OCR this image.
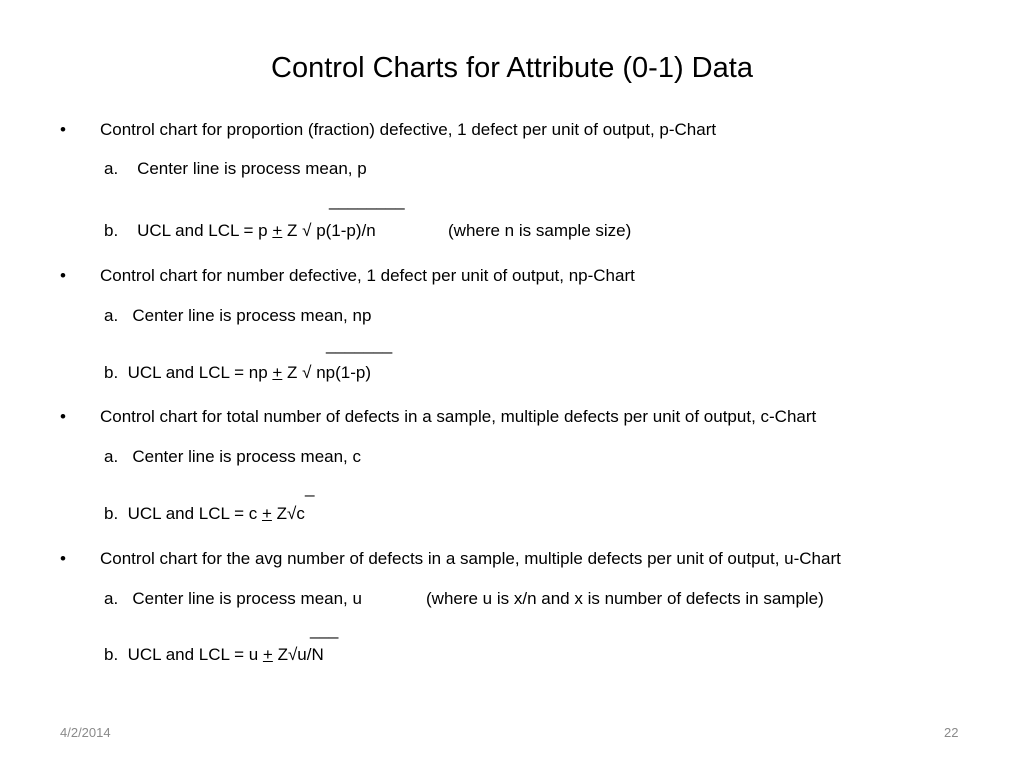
Control Charts for Attribute (0-1) Data
• Control chart for proportion (fraction) defective, 1 defect per unit of output, p-Chart
a.    Center line is process mean, p
________
b.    UCL and LCL = p + Z √ p(1-p)/n	(where n is sample size)
• Control chart for number defective, 1 defect per unit of output, np-Chart
a.   Center line is process mean, np
_______
b.  UCL and LCL = np + Z √ np(1-p)
• Control chart for total number of defects in a sample, multiple defects per unit of output, c-Chart
a.   Center line is process mean, c
_
b.  UCL and LCL = c + Z√c
• Control chart for the avg number of defects in a sample, multiple defects per unit of output, u-Chart
a.   Center line is process mean, u	(where u is x/n and x is number of defects in sample)
___
b.  UCL and LCL = u + Z√u/N
4/2/2014	22
